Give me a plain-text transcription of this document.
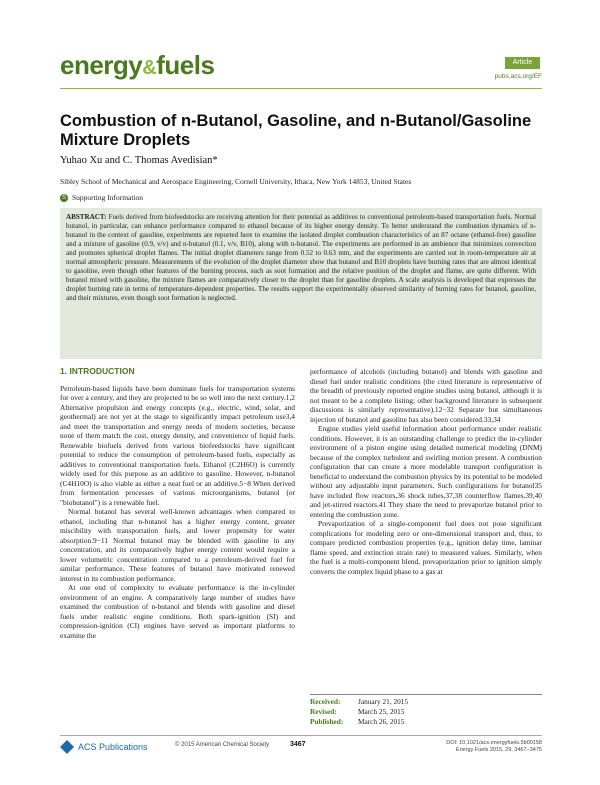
energy&fuels	Article
pubs.acs.org/EF
Combustion of n-Butanol, Gasoline, and n-Butanol/Gasoline Mixture Droplets
Yuhao Xu and C. Thomas Avedisian*
Sibley School of Mechanical and Aerospace Engineering, Cornell University, Ithaca, New York 14853, United States
S Supporting Information
ABSTRACT: Fuels derived from biofeedstocks are receiving attention for their potential as additives to conventional petroleum-based transportation fuels. Normal butanol, in particular, can enhance performance compared to ethanol because of its higher energy density. To better understand the combustion dynamics of n-butanol in the context of gasoline, experiments are reported here to examine the isolated droplet combustion characteristics of an 87 octane (ethanol-free) gasoline and a mixture of gasoline (0.9, v/v) and n-butanol (0.1, v/v, B10), along with n-butanol. The experiments are performed in an ambience that minimizes convection and promotes spherical droplet flames. The initial droplet diameters range from 0.52 to 0.63 mm, and the experiments are carried out in room-temperature air at normal atmospheric pressure. Measurements of the evolution of the droplet diameter show that butanol and B10 droplets have burning rates that are almost identical to gasoline, even though other features of the burning process, such as soot formation and the relative position of the droplet and flame, are quite different. With butanol mixed with gasoline, the mixture flames are comparatively closer to the droplet than for gasoline droplets. A scale analysis is developed that expresses the droplet burning rate in terms of temperature-dependent properties. The results support the experimentally observed similarity of burning rates for butanol, gasoline, and their mixtures, even though soot formation is neglected.
1. INTRODUCTION

Petroleum-based liquids have been dominate fuels for transportation systems for over a century, and they are projected to be so well into the next century.1,2 Alternative propulsion and energy concepts (e.g., electric, wind, solar, and geothermal) are not yet at the stage to significantly impact petroleum use3,4 and meet the transportation and energy needs of modern societies, because none of them match the cost, energy density, and convenience of liquid fuels. Renewable biofuels derived from various biofeedstocks have significant potential to reduce the consumption of petroleum-based fuels, especially as additives to conventional transportation fuels. Ethanol (C2H6O) is currently widely used for this purpose as an additive to gasoline. However, n-butanol (C4H10O) is also viable as either a neat fuel or an additive.5−8 When derived from fermentation processes of various microorganisms, butanol (or "biobutanol") is a renewable fuel.

Normal butanol has several well-known advantages when compared to ethanol, including that n-butanol has a higher energy content, greater miscibility with transportation fuels, and lower propensity for water absorption.9−11 Normal butanol may be blended with gasoline in any concentration, and its comparatively higher energy content would require a lower volumetric concentration compared to a petroleum-derived fuel for similar performance. These features of butanol have motivated renewed interest in its combustion performance.

At one end of complexity to evaluate performance is the in-cylinder environment of an engine. A comparatively large number of studies have examined the combustion of n-butanol and blends with gasoline and diesel fuels under realistic engine conditions. Both spark-ignition (SI) and compression-ignition (CI) engines have served as important platforms to examine the

performance of alcohols (including butanol) and blends with gasoline and diesel fuel under realistic conditions (the cited literature is representative of the breadth of previously reported engine studies using butanol, although it is not meant to be a complete listing; other background literature in subsequent discussions is similarly representative).12−32 Separate but simultaneous injection of butanol and gasoline has also been considered.33,34

Engine studies yield useful information about performance under realistic conditions. However, it is an outstanding challenge to predict the in-cylinder environment of a piston engine using detailed numerical modeling (DNM) because of the complex turbulent and swirling motion present. A combustion configuration that can create a more modelable transport configuration is beneficial to understand the combustion physics by its potential to be modeled without any adjustable input parameters. Such configurations for butanol35 have included flow reactors,36 shock tubes,37,38 counterflow flames,39,40 and jet-stirred reactors.41 They share the need to prevaporize butanol prior to entering the combustion zone.

Prevaporization of a single-component fuel does not pose significant complications for modeling zero or one-dimensional transport and, thus, to compare predicted combustion properties (e.g., ignition delay time, laminar flame speed, and extinction strain rate) to measured values. Similarly, when the fuel is a multi-component blend, prevaporization prior to ignition simply converts the complex liquid phase to a gas at

Received: January 21, 2015
Revised:	March 25, 2015
Published: March 26, 2015
ACS Publications	© 2015 American Chemical Society	3467	DOI: 10.1021/acs.energyfuels.5b00158
Energy Fuels 2015, 29, 3467−3475
